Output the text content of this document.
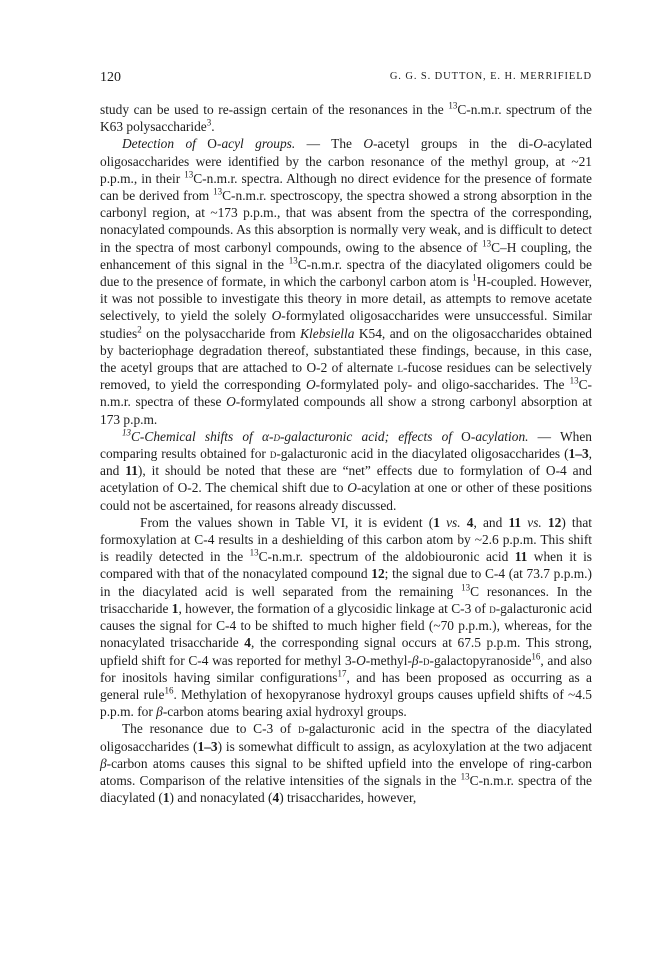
120	G. G. S. DUTTON, E. H. MERRIFIELD

study can be used to re-assign certain of the resonances in the $^{13}$C-n.m.r. spectrum of the K63 polysaccharide$^3$.

Detection of O-acyl groups. — The O-acetyl groups in the di-O-acylated oligosaccharides were identified by the carbon resonance of the methyl group, at ~21 p.p.m., in their $^{13}$C-n.m.r. spectra. Although no direct evidence for the presence of formate can be derived from $^{13}$C-n.m.r. spectroscopy, the spectra showed a strong absorption in the carbonyl region, at ~173 p.p.m., that was absent from the spectra of the corresponding, nonacylated compounds. As this absorption is normally very weak, and is difficult to detect in the spectra of most carbonyl compounds, owing to the absence of $^{13}$C–H coupling, the enhancement of this signal in the $^{13}$C-n.m.r. spectra of the diacylated oligomers could be due to the presence of formate, in which the carbonyl carbon atom is $^1$H-coupled. However, it was not possible to investigate this theory in more detail, as attempts to remove acetate selectively, to yield the solely O-formylated oligosaccharides were unsuccessful. Similar studies$^2$ on the polysaccharide from Klebsiella K54, and on the oligosaccharides obtained by bacteriophage degradation thereof, substantiated these findings, because, in this case, the acetyl groups that are attached to O-2 of alternate l-fucose residues can be selectively removed, to yield the corresponding O-formylated poly- and oligo-saccharides. The $^{13}$C-n.m.r. spectra of these O-formylated compounds all show a strong carbonyl absorption at 173 p.p.m.

$^{13}$C-Chemical shifts of α-d-galacturonic acid; effects of O-acylation. — When comparing results obtained for d-galacturonic acid in the diacylated oligosaccharides (1–3, and 11), it should be noted that these are “net” effects due to formylation of O-4 and acetylation of O-2. The chemical shift due to O-acylation at one or other of these positions could not be ascertained, for reasons already discussed.

From the values shown in Table VI, it is evident (1 vs. 4, and 11 vs. 12) that formoxylation at C-4 results in a deshielding of this carbon atom by ~2.6 p.p.m. This shift is readily detected in the $^{13}$C-n.m.r. spectrum of the aldobiouronic acid 11 when it is compared with that of the nonacylated compound 12; the signal due to C-4 (at 73.7 p.p.m.) in the diacylated acid is well separated from the remaining $^{13}$C resonances. In the trisaccharide 1, however, the formation of a glycosidic linkage at C-3 of d-galacturonic acid causes the signal for C-4 to be shifted to much higher field (~70 p.p.m.), whereas, for the nonacylated trisaccharide 4, the corresponding signal occurs at 67.5 p.p.m. This strong, upfield shift for C-4 was reported for methyl 3-O-methyl-β-d-galactopyranoside$^{16}$, and also for inositols having similar configurations$^{17}$, and has been proposed as occurring as a general rule$^{16}$. Methylation of hexopyranose hydroxyl groups causes upfield shifts of ~4.5 p.p.m. for β-carbon atoms bearing axial hydroxyl groups.

The resonance due to C-3 of d-galacturonic acid in the spectra of the diacylated oligosaccharides (1–3) is somewhat difficult to assign, as acyloxylation at the two adjacent β-carbon atoms causes this signal to be shifted upfield into the envelope of ring-carbon atoms. Comparison of the relative intensities of the signals in the $^{13}$C-n.m.r. spectra of the diacylated (1) and nonacylated (4) trisaccharides, however,
